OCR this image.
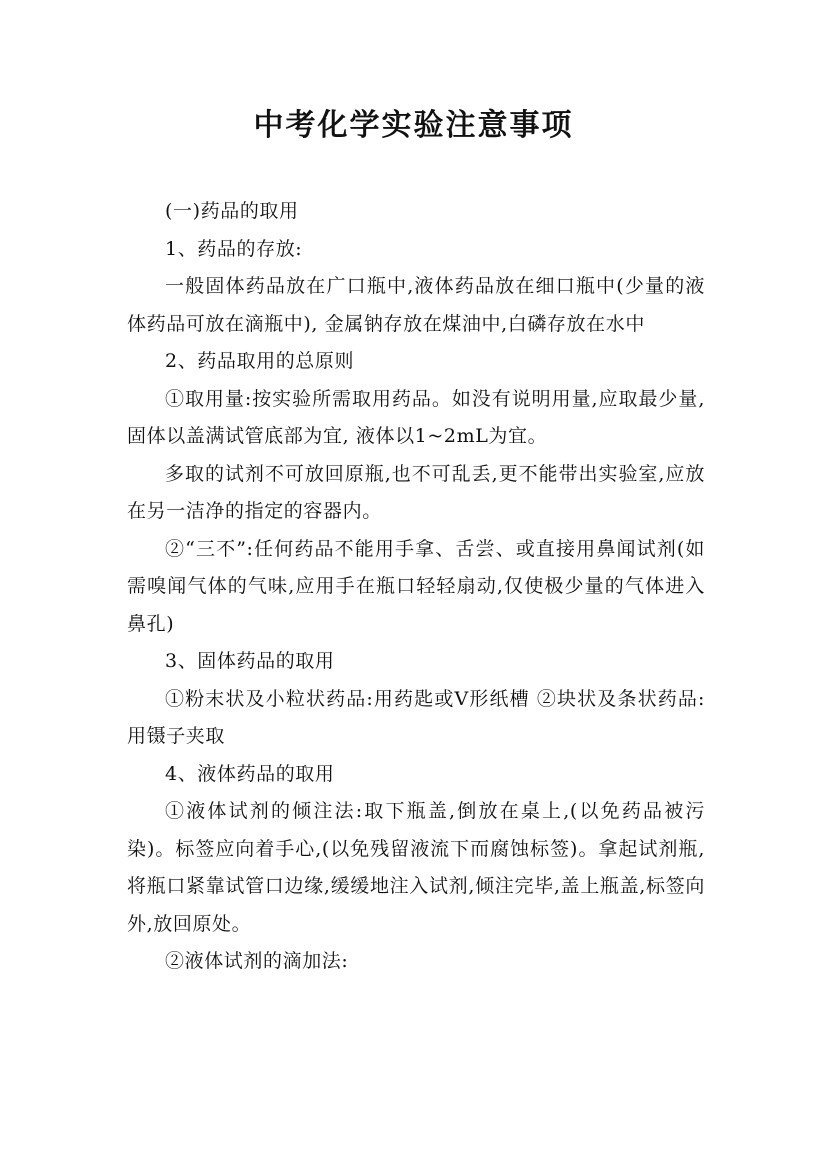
中考化学实验注意事项

(一)药品的取用

1、药品的存放:

一般固体药品放在广口瓶中,液体药品放在细口瓶中(少量的液体药品可放在滴瓶中), 金属钠存放在煤油中,白磷存放在水中

2、药品取用的总原则

①取用量:按实验所需取用药品。如没有说明用量,应取最少量,固体以盖满试管底部为宜, 液体以1~2mL为宜。

多取的试剂不可放回原瓶,也不可乱丢,更不能带出实验室,应放在另一洁净的指定的容器内。

②“三不”:任何药品不能用手拿、舌尝、或直接用鼻闻试剂(如需嗅闻气体的气味,应用手在瓶口轻轻扇动,仅使极少量的气体进入鼻孔)

3、固体药品的取用

①粉末状及小粒状药品:用药匙或V形纸槽 ②块状及条状药品:用镊子夹取

4、液体药品的取用

①液体试剂的倾注法:取下瓶盖,倒放在桌上,(以免药品被污染)。标签应向着手心,(以免残留液流下而腐蚀标签)。拿起试剂瓶,将瓶口紧靠试管口边缘,缓缓地注入试剂,倾注完毕,盖上瓶盖,标签向外,放回原处。

②液体试剂的滴加法:
